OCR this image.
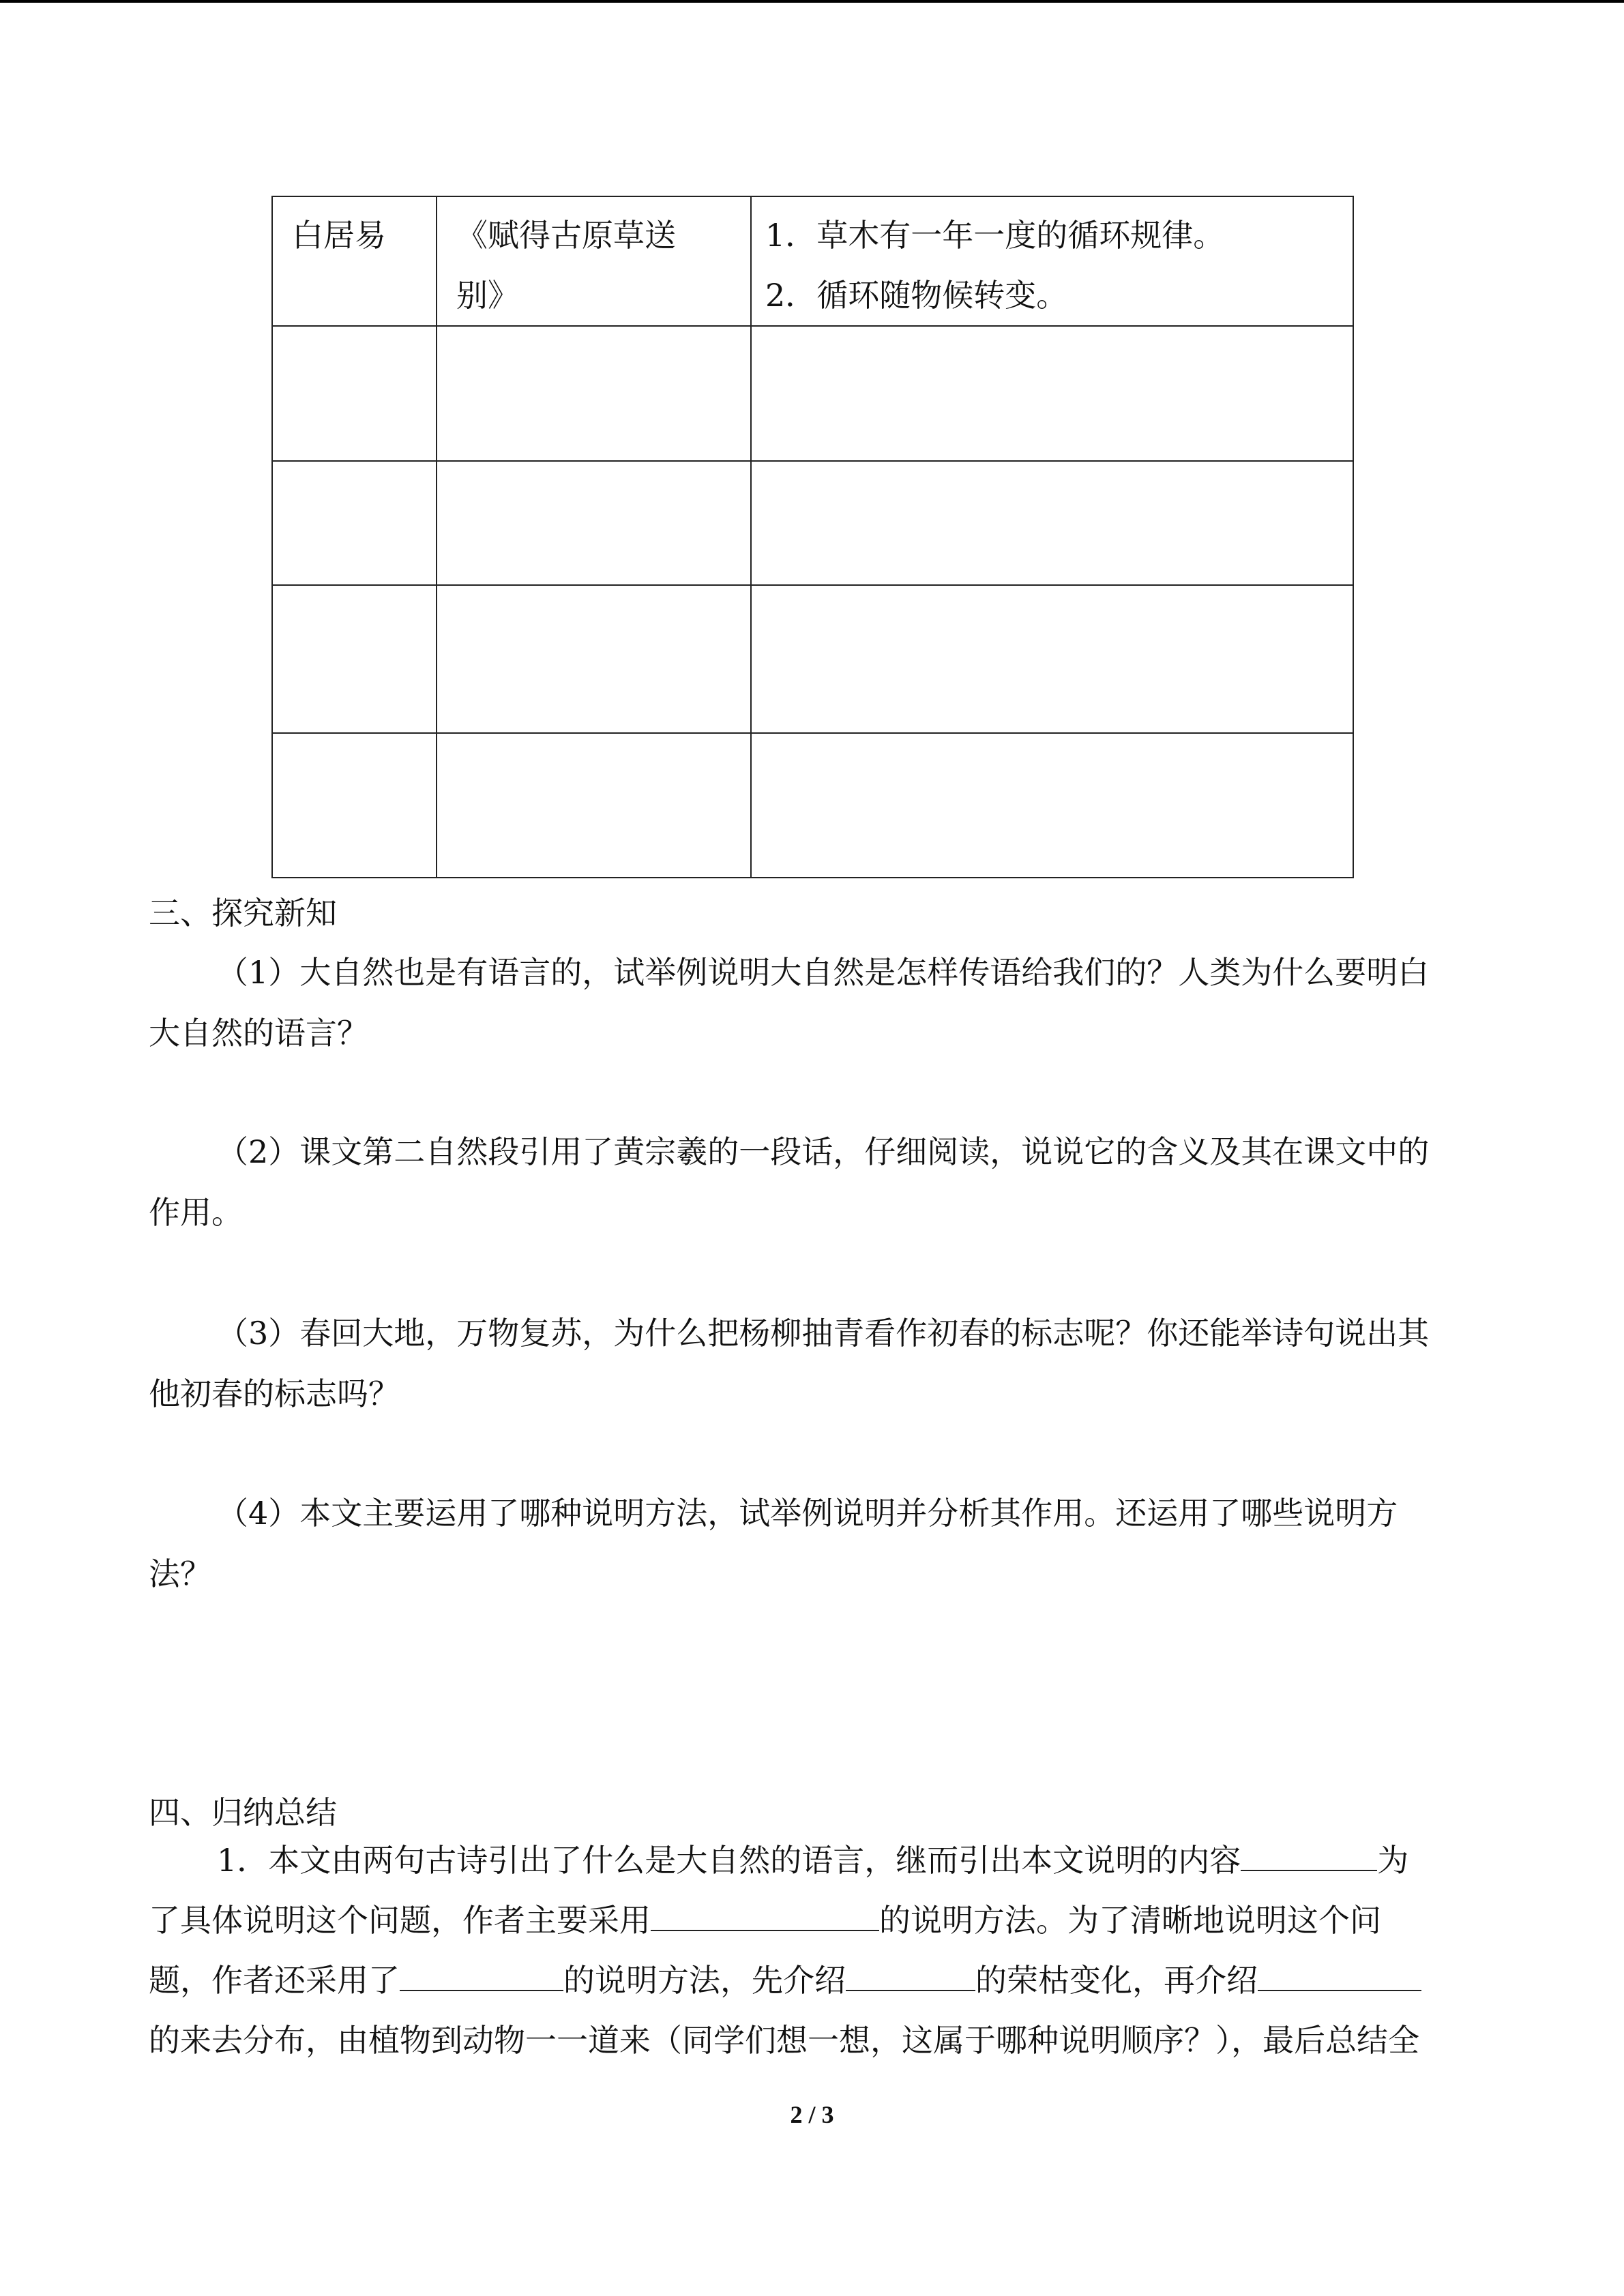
白居易	《赋得古原草送别》	1．草木有一年一度的循环规律。
2．循环随物候转变。

三、探究新知
（1）大自然也是有语言的，试举例说明大自然是怎样传语给我们的？人类为什么要明白
大自然的语言？
（2）课文第二自然段引用了黄宗羲的一段话，仔细阅读，说说它的含义及其在课文中的
作用。
（3）春回大地，万物复苏，为什么把杨柳抽青看作初春的标志呢？你还能举诗句说出其
他初春的标志吗？
（4）本文主要运用了哪种说明方法，试举例说明并分析其作用。还运用了哪些说明方
法？
四、归纳总结
1．本文由两句古诗引出了什么是大自然的语言，继而引出本文说明的内容	为
了具体说明这个问题，作者主要采用	的说明方法。为了清晰地说明这个问
题，作者还采用了	的说明方法，先介绍	的荣枯变化，再介绍
的来去分布，由植物到动物一一道来（同学们想一想，这属于哪种说明顺序？），最后总结全
2 / 3
